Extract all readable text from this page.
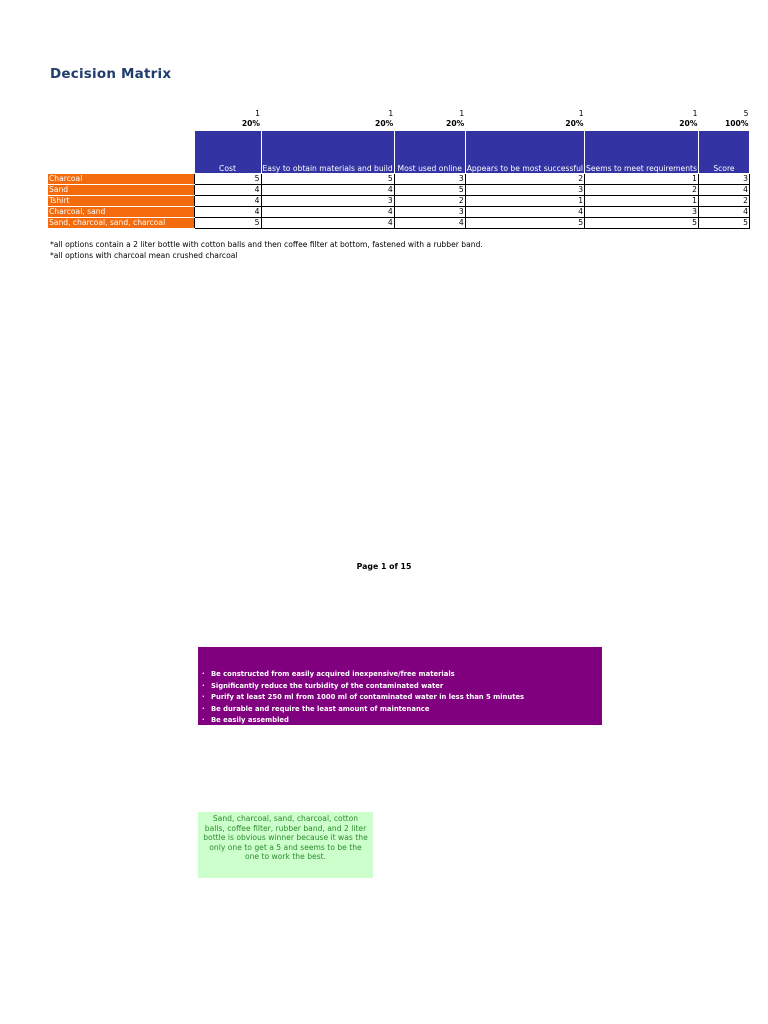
Decision Matrix
	1	1	1	1	1	5
	20%	20%	20%	20%	20%	100%
	Cost	Easy to obtain materials and build	Most used online	Appears to be most successful	Seems to meet requirements	Score
Charcoal	5	5	3	2	1	3
Sand	4	4	5	3	2	4
Tshirt	4	3	2	1	1	2
Charcoal, sand	4	4	3	4	3	4
Sand, charcoal, sand, charcoal	5	4	4	5	5	5
*all options contain a 2 liter bottle with cotton balls and then coffee filter at bottom, fastened with a rubber band.
*all options with charcoal mean crushed charcoal
Page 1 of 15
· Be constructed from easily acquired inexpensive/free materials
· Significantly reduce the turbidity of the contaminated water
· Purify at least 250 ml from 1000 ml of contaminated water in less than 5 minutes
· Be durable and require the least amount of maintenance
· Be easily assembled
Sand, charcoal, sand, charcoal, cotton balls, coffee filter, rubber band, and 2 liter bottle is obvious winner because it was the only one to get a 5 and seems to be the one to work the best.
